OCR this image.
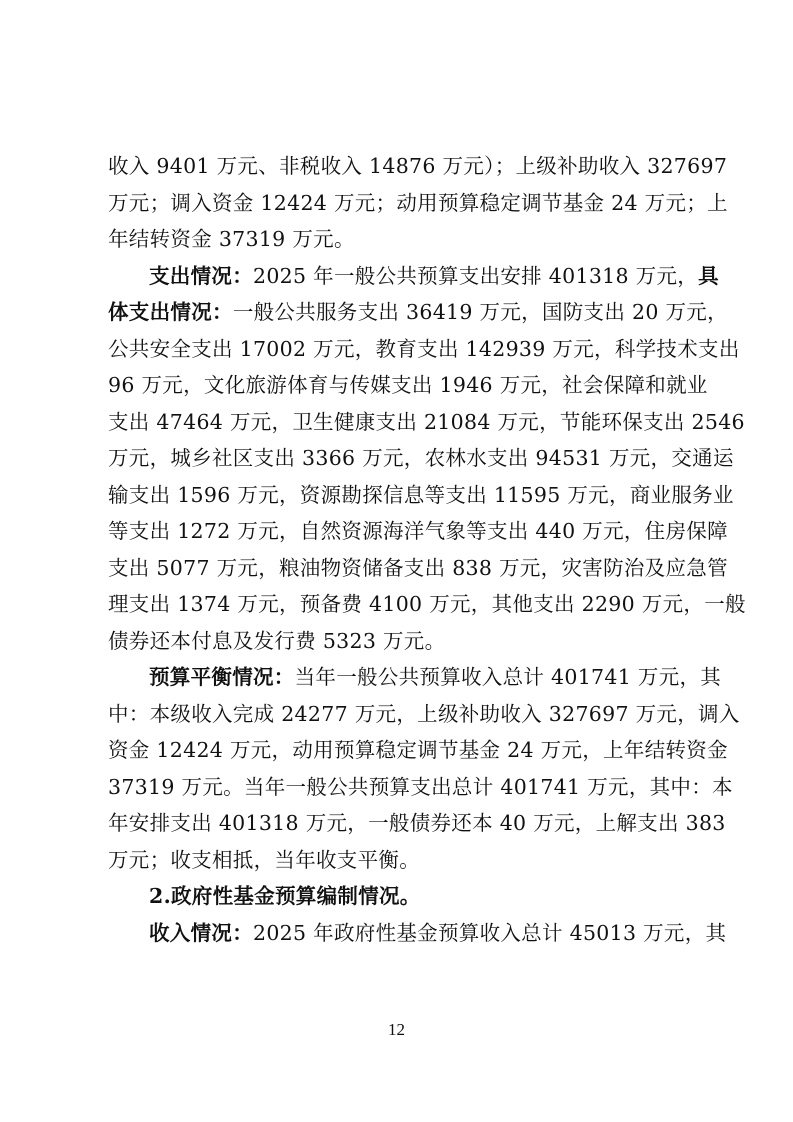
收入 9401 万元、非税收入 14876 万元）；上级补助收入 327697
万元；调入资金 12424 万元；动用预算稳定调节基金 24 万元；上
年结转资金 37319 万元。
支出情况：2025 年一般公共预算支出安排 401318 万元，具
体支出情况：一般公共服务支出 36419 万元，国防支出 20 万元，
公共安全支出 17002 万元，教育支出 142939 万元，科学技术支出
96 万元，文化旅游体育与传媒支出 1946 万元，社会保障和就业
支出 47464 万元，卫生健康支出 21084 万元，节能环保支出 2546
万元，城乡社区支出 3366 万元，农林水支出 94531 万元，交通运
输支出 1596 万元，资源勘探信息等支出 11595 万元，商业服务业
等支出 1272 万元，自然资源海洋气象等支出 440 万元，住房保障
支出 5077 万元，粮油物资储备支出 838 万元，灾害防治及应急管
理支出 1374 万元，预备费 4100 万元，其他支出 2290 万元，一般
债券还本付息及发行费 5323 万元。
预算平衡情况：当年一般公共预算收入总计 401741 万元，其
中：本级收入完成 24277 万元，上级补助收入 327697 万元，调入
资金 12424 万元，动用预算稳定调节基金 24 万元，上年结转资金
37319 万元。当年一般公共预算支出总计 401741 万元，其中：本
年安排支出 401318 万元，一般债券还本 40 万元，上解支出 383
万元；收支相抵，当年收支平衡。
2.政府性基金预算编制情况。
收入情况：2025 年政府性基金预算收入总计 45013 万元，其
12
